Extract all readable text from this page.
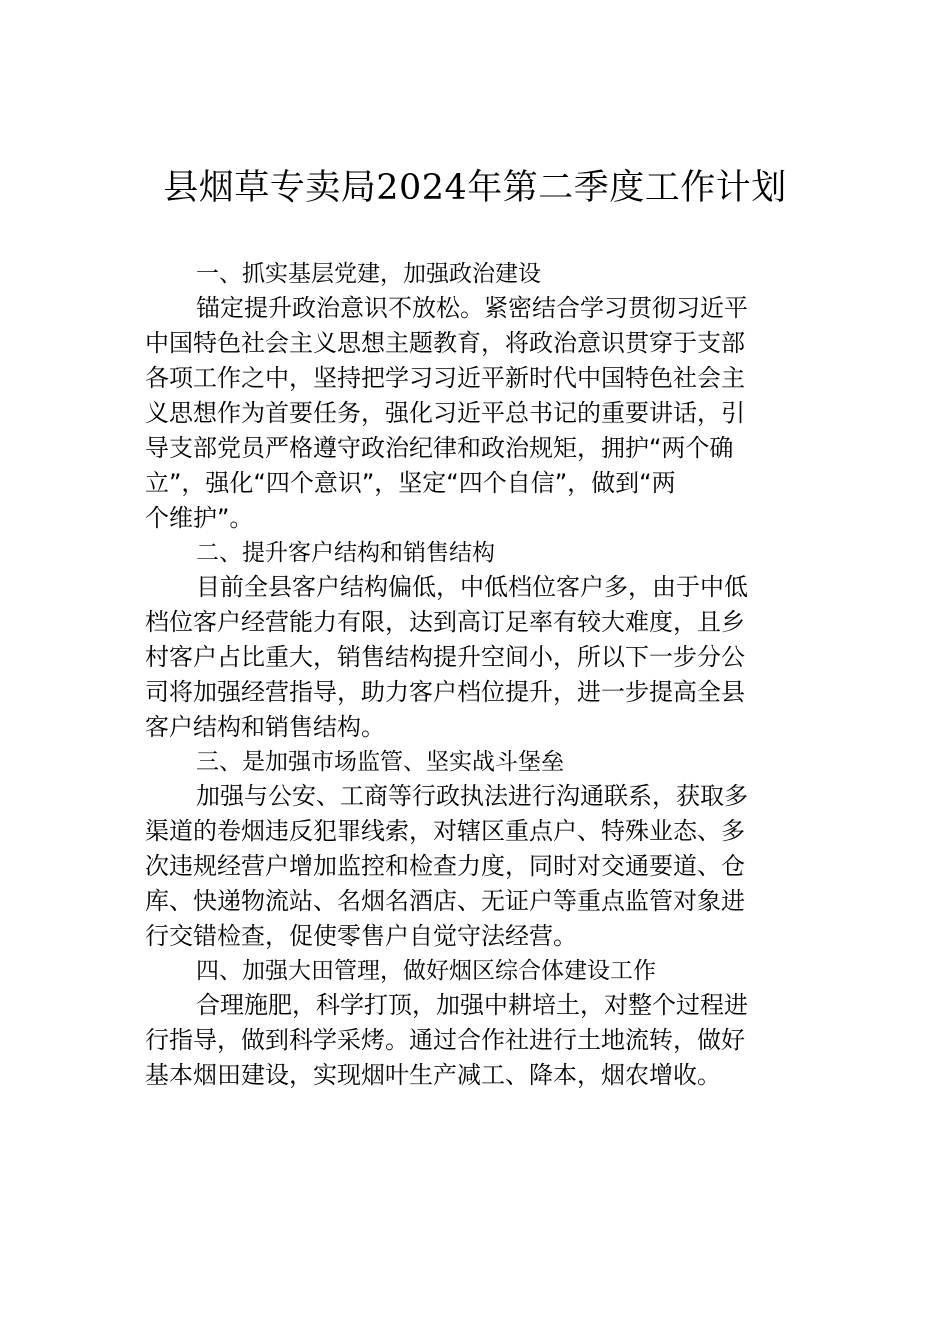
县烟草专卖局2024年第二季度工作计划
一、抓实基层党建，加强政治建设
锚定提升政治意识不放松。紧密结合学习贯彻习近平
中国特色社会主义思想主题教育，将政治意识贯穿于支部
各项工作之中，坚持把学习习近平新时代中国特色社会主
义思想作为首要任务，强化习近平总书记的重要讲话，引
导支部党员严格遵守政治纪律和政治规矩，拥护“两个确
立”，强化“四个意识”，坚定“四个自信”，做到“两
个维护”。
二、提升客户结构和销售结构
目前全县客户结构偏低，中低档位客户多，由于中低
档位客户经营能力有限，达到高订足率有较大难度，且乡
村客户占比重大，销售结构提升空间小，所以下一步分公
司将加强经营指导，助力客户档位提升，进一步提高全县
客户结构和销售结构。
三、是加强市场监管、坚实战斗堡垒
加强与公安、工商等行政执法进行沟通联系，获取多
渠道的卷烟违反犯罪线索，对辖区重点户、特殊业态、多
次违规经营户增加监控和检查力度，同时对交通要道、仓
库、快递物流站、名烟名酒店、无证户等重点监管对象进
行交错检查，促使零售户自觉守法经营。
四、加强大田管理，做好烟区综合体建设工作
合理施肥，科学打顶，加强中耕培土，对整个过程进
行指导，做到科学采烤。通过合作社进行土地流转，做好
基本烟田建设，实现烟叶生产减工、降本，烟农增收。
